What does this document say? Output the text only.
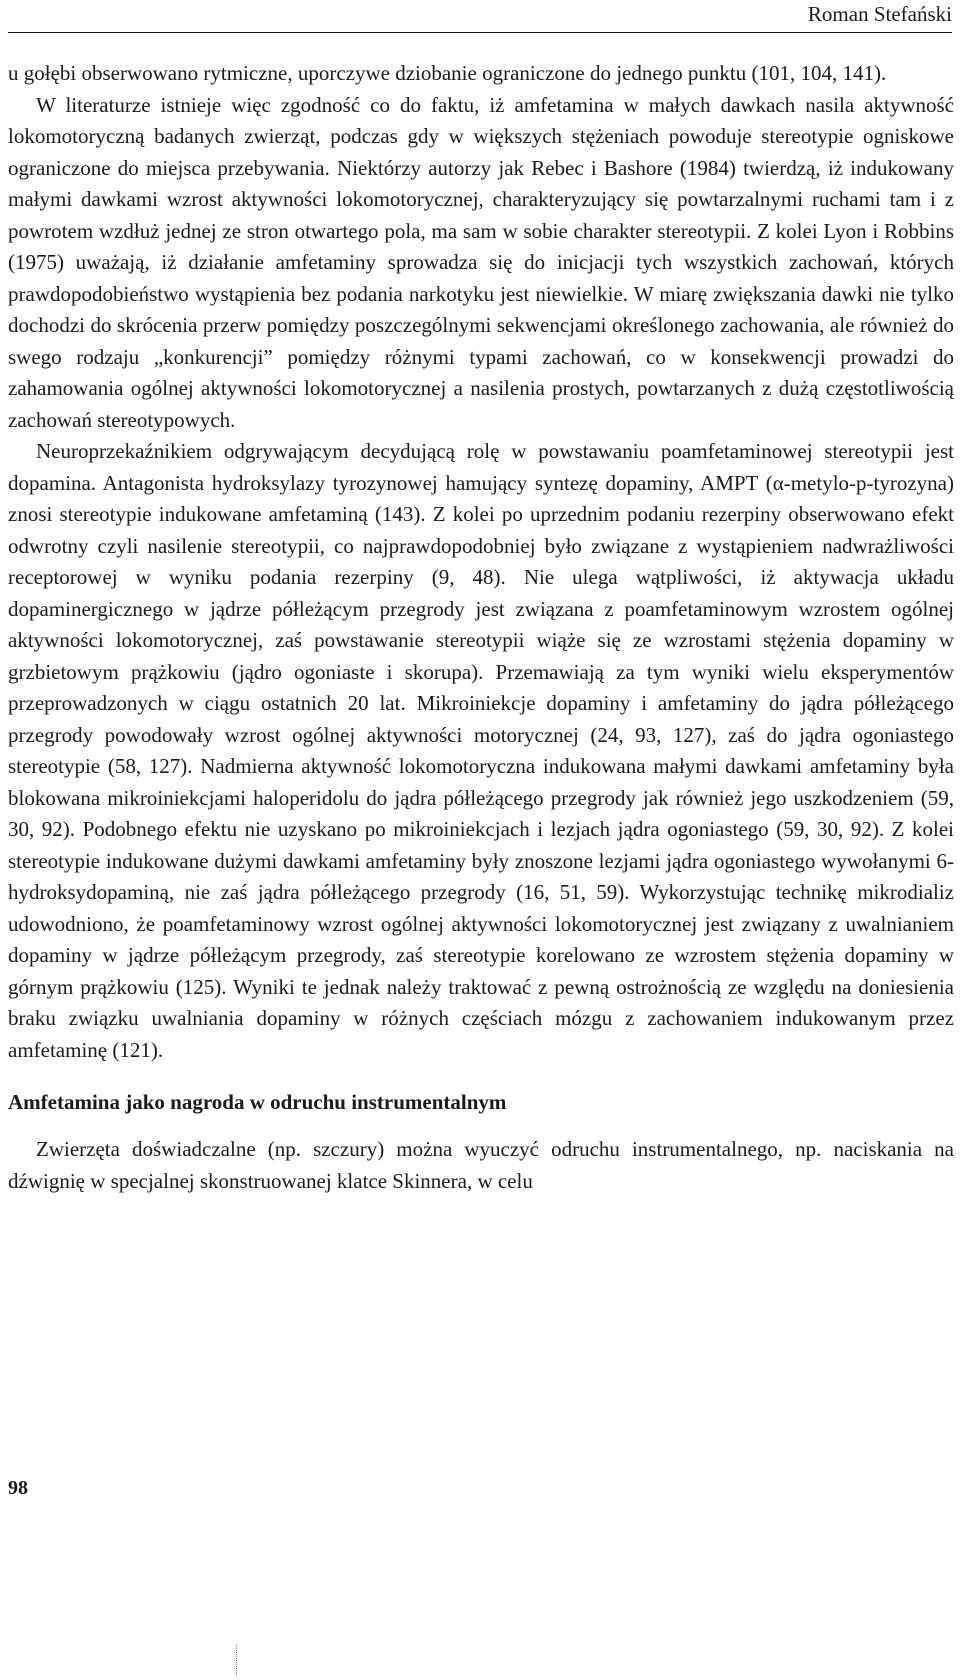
Roman Stefański

u gołębi obserwowano rytmiczne, uporczywe dziobanie ograniczone do jednego punktu (101, 104, 141).

W literaturze istnieje więc zgodność co do faktu, iż amfetamina w małych dawkach nasila aktywność lokomotoryczną badanych zwierząt, podczas gdy w większych stężeniach powoduje stereotypie ogniskowe ograniczone do miejsca przebywania. Niektórzy autorzy jak Rebec i Bashore (1984) twierdzą, iż indukowany małymi dawkami wzrost aktywności lokomotorycznej, charakteryzujący się powtarzalnymi ruchami tam i z powrotem wzdłuż jednej ze stron otwartego pola, ma sam w sobie charakter stereotypii. Z kolei Lyon i Robbins (1975) uważają, iż działanie amfetaminy sprowadza się do inicjacji tych wszystkich zachowań, których prawdopodobieństwo wystąpienia bez podania narkotyku jest niewielkie. W miarę zwiększania dawki nie tylko dochodzi do skrócenia przerw pomiędzy poszczególnymi sekwencjami określonego zachowania, ale również do swego rodzaju „konkurencji” pomiędzy różnymi typami zachowań, co w konsekwencji prowadzi do zahamowania ogólnej aktywności lokomotorycznej a nasilenia prostych, powtarzanych z dużą częstotliwością zachowań stereotypowych.

Neuroprzekaźnikiem odgrywającym decydującą rolę w powstawaniu poamfetaminowej stereotypii jest dopamina. Antagonista hydroksylazy tyrozynowej hamujący syntezę dopaminy, AMPT (α-metylo-p-tyrozyna) znosi stereotypie indukowane amfetaminą (143). Z kolei po uprzednim podaniu rezerpiny obserwowano efekt odwrotny czyli nasilenie stereotypii, co najprawdopodobniej było związane z wystąpieniem nadwrażliwości receptorowej w wyniku podania rezerpiny (9, 48). Nie ulega wątpliwości, iż aktywacja układu dopaminergicznego w jądrze półleżącym przegrody jest związana z poamfetaminowym wzrostem ogólnej aktywności lokomotorycznej, zaś powstawanie stereotypii wiąże się ze wzrostami stężenia dopaminy w grzbietowym prążkowiu (jądro ogoniaste i skorupa). Przemawiają za tym wyniki wielu eksperymentów przeprowadzonych w ciągu ostatnich 20 lat. Mikroiniekcje dopaminy i amfetaminy do jądra półleżącego przegrody powodowały wzrost ogólnej aktywności motorycznej (24, 93, 127), zaś do jądra ogoniastego stereotypie (58, 127). Nadmierna aktywność lokomotoryczna indukowana małymi dawkami amfetaminy była blokowana mikroiniekcjami haloperidolu do jądra półleżącego przegrody jak również jego uszkodzeniem (59, 30, 92). Podobnego efektu nie uzyskano po mikroiniekcjach i lezjach jądra ogoniastego (59, 30, 92). Z kolei stereotypie indukowane dużymi dawkami amfetaminy były znoszone lezjami jądra ogoniastego wywołanymi 6-hydroksydopaminą, nie zaś jądra półleżącego przegrody (16, 51, 59). Wykorzystując technikę mikrodializ udowodniono, że poamfetaminowy wzrost ogólnej aktywności lokomotorycznej jest związany z uwalnianiem dopaminy w jądrze półleżącym przegrody, zaś stereotypie korelowano ze wzrostem stężenia dopaminy w górnym prążkowiu (125). Wyniki te jednak należy traktować z pewną ostrożnością ze względu na doniesienia braku związku uwalniania dopaminy w różnych częściach mózgu z zachowaniem indukowanym przez amfetaminę (121).

Amfetamina jako nagroda w odruchu instrumentalnym

Zwierzęta doświadczalne (np. szczury) można wyuczyć odruchu instrumentalnego, np. naciskania na dźwignię w specjalnej skonstruowanej klatce Skinnera, w celu

98
